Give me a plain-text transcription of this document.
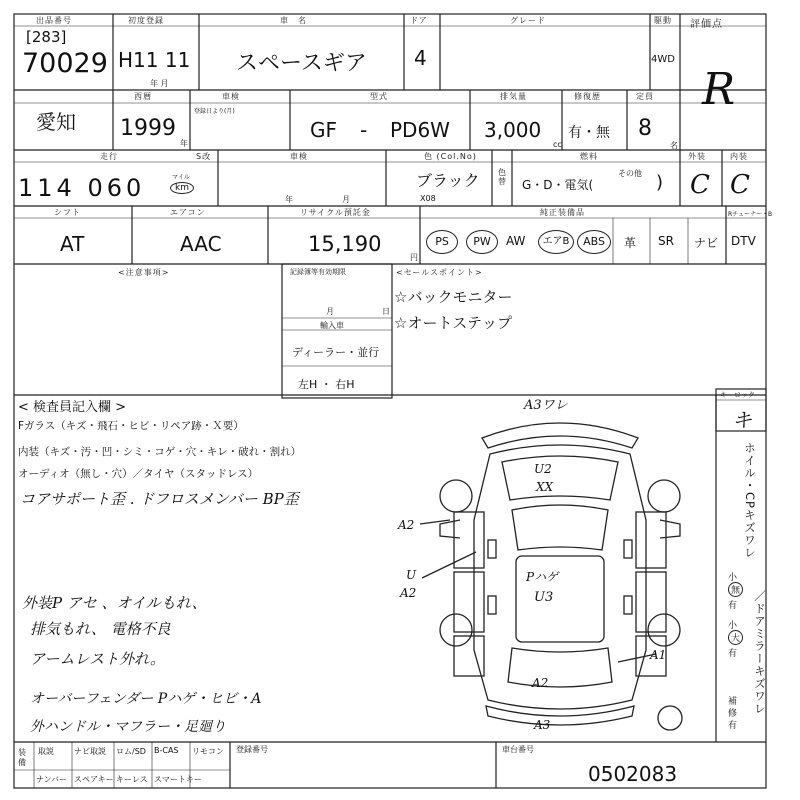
出品番号
[283]
70029
初度登録
H11 11
年 月
車　名
スペースギア
ドア
4
グレード	駆動
4WD
評価点
R
愛知
西暦
1999
年
車検
登録日より(月)
型式
GF - PD6W
排気量
3,000
cc
修復歴
有・無
定員
8
名
走行
114 060	マイル
km
S改	車検
年	月
色 (Col.No)
ブラック
X08
色替
燃料
G・D・電気(
その他 )
外装
C
内装
C
シフト
AT
エアコン
AAC
リサイクル預託金
15,190
円
純正装備品	Rチューナー・B
PS	PW	AW	エアB	ABS	革 SR ナビ DTV
<注意事項>	記録簿等有効期限
月	日
輸入車
ディーラー・並行
左H ・ 右H
<セールスポイント>
☆バックモニター
☆オートステップ
< 検査員記入欄 >
Fガラス（キズ・飛石・ヒビ・リペア跡・Ｘ要）
内装（キズ・汚・凹・シミ・コゲ・穴・キレ・破れ・割れ）
オーディオ（無し・穴）／タイヤ（スタッドレス）
コアサポート歪 . ドフロスメンバー BP歪
外装P アセ 、オイルもれ、
排気もれ、 電格不良
アームレスト外れ。
オーバーフェンダー Pハゲ・ヒビ・A
外ハンドル・マフラー・足廻り
A3ワレ
U2
XX
A2
U
A2
Pハゲ
U3
A1
A2
A3
キーロック
キ
ホイル・CPキズワレ
／ドアミラーキズワレ
小
無
有
小
大
有
補
修
有
装備
取説	ナビ取説 ロム/SD B-CAS リモコン
ナンバー スペアキー キーレス スマートキー
登録番号	車台番号
0502083
